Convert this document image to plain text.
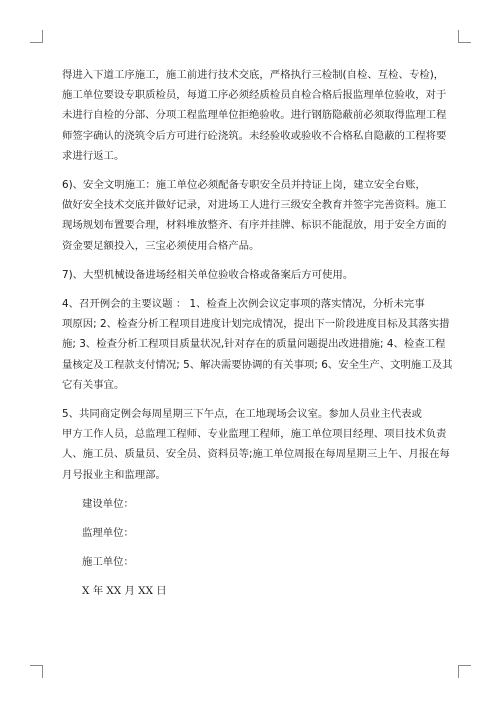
得进入下道工序施工，施工前进行技术交底，严格执行三检制(自检、互检、专检)，
施工单位要设专职质检员，每道工序必须经质检员自检合格后报监理单位验收，对于
未进行自检的分部、分项工程监理单位拒绝验收。进行钢筋隐蔽前必须取得监理工程
师签字确认的浇筑令后方可进行砼浇筑。未经验收或验收不合格私自隐蔽的工程将要
求进行返工。

6)、安全文明施工：施工单位必须配备专职安全员并持证上岗，建立安全台账，
做好安全技术交底并做好记录，对进场工人进行三级安全教育并签字完善资料。施工
现场规划布置要合理，材料堆放整齐、有序并挂牌、标识不能混放，用于安全方面的
资金要足额投入，三宝必须使用合格产品。

7)、大型机械设备进场经相关单位验收合格或备案后方可使用。

4、召开例会的主要议题 ： 1、检查上次例会议定事项的落实情况，分析未完事
项原因; 2、检查分析工程项目进度计划完成情况，提出下一阶段进度目标及其落实措
施; 3、检查分析工程项目质量状况,针对存在的质量问题提出改进措施; 4、检查工程
量核定及工程款支付情况; 5、解决需要协调的有关事项; 6、安全生产、文明施工及其
它有关事宜。

5、共同商定例会每周星期三下午点，在工地现场会议室。参加人员业主代表或
甲方工作人员，总监理工程师、专业监理工程师，施工单位项目经理、项目技术负责
人、施工员、质量员、安全员、资料员等;施工单位周报在每周星期三上午、月报在每
月号报业主和监理部。

建设单位：

监理单位：

施工单位：

X 年 XX 月 XX 日
